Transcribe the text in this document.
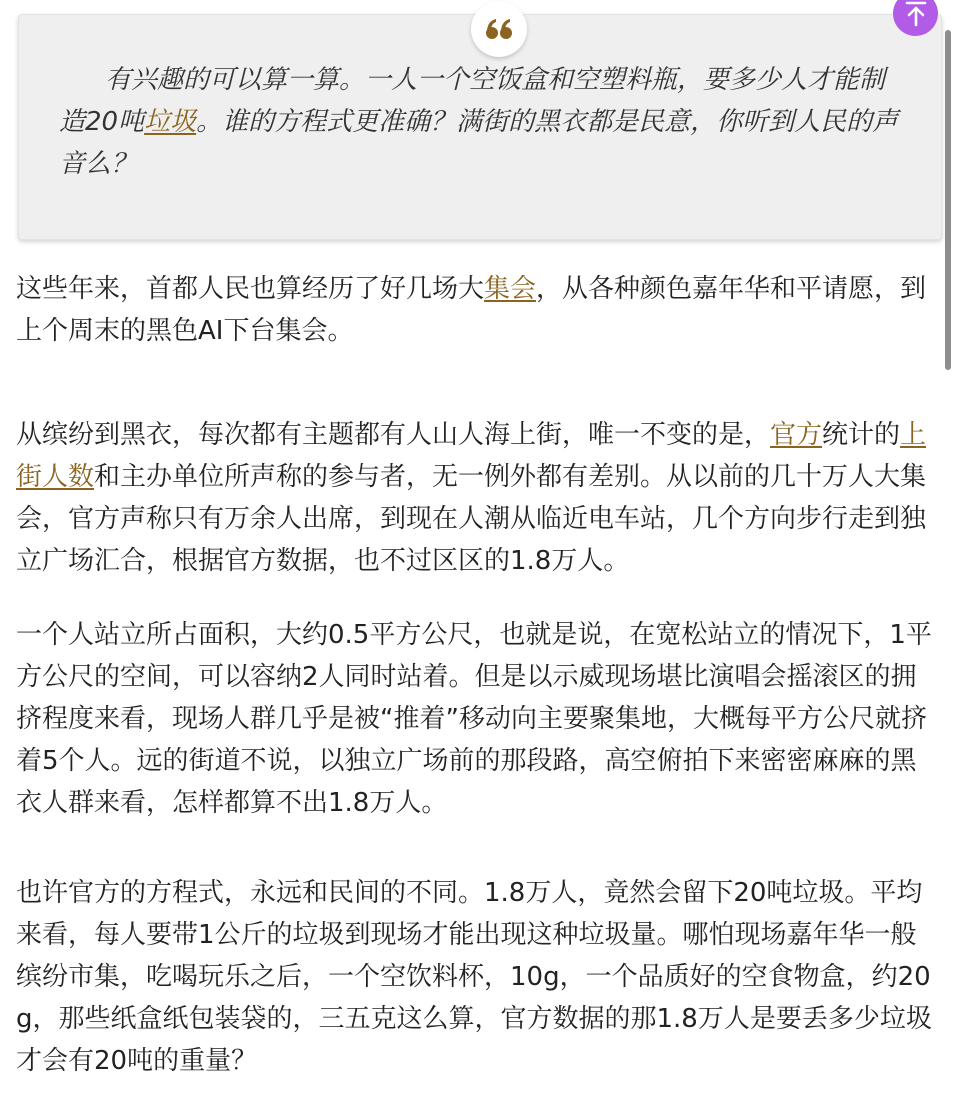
有兴趣的可以算一算。一人一个空饭盒和空塑料瓶，要多少人才能制造20吨垃圾。谁的方程式更准确？满街的黑衣都是民意，你听到人民的声音么？

这些年来，首都人民也算经历了好几场大集会，从各种颜色嘉年华和平请愿，到上个周末的黑色AI下台集会。

从缤纷到黑衣，每次都有主题都有人山人海上街，唯一不变的是，官方统计的上街人数和主办单位所声称的参与者，无一例外都有差别。从以前的几十万人大集会，官方声称只有万余人出席，到现在人潮从临近电车站，几个方向步行走到独立广场汇合，根据官方数据，也不过区区的1.8万人。

一个人站立所占面积，大约0.5平方公尺，也就是说，在宽松站立的情况下，1平方公尺的空间，可以容纳2人同时站着。但是以示威现场堪比演唱会摇滚区的拥挤程度来看，现场人群几乎是被“推着”移动向主要聚集地，大概每平方公尺就挤着5个人。远的街道不说，以独立广场前的那段路，高空俯拍下来密密麻麻的黑衣人群来看，怎样都算不出1.8万人。

也许官方的方程式，永远和民间的不同。1.8万人，竟然会留下20吨垃圾。平均来看，每人要带1公斤的垃圾到现场才能出现这种垃圾量。哪怕现场嘉年华一般缤纷市集，吃喝玩乐之后，一个空饮料杯，10g，一个品质好的空食物盒，约20g，那些纸盒纸包装袋的，三五克这么算，官方数据的那1.8万人是要丢多少垃圾才会有20吨的重量？
